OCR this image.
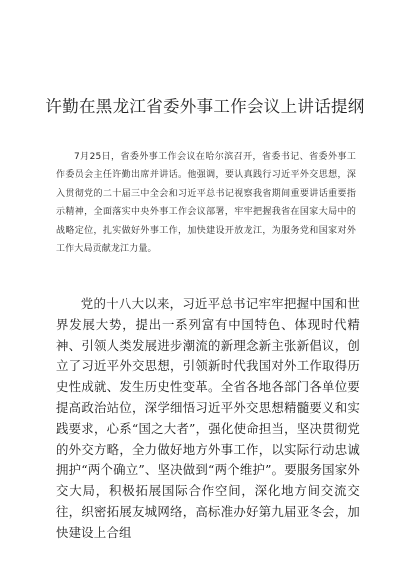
许勤在黑龙江省委外事工作会议上讲话提纲

7月25日，省委外事工作会议在哈尔滨召开，省委书记、省委外事工作委员会主任许勤出席并讲话。他强调，要认真践行习近平外交思想，深入贯彻党的二十届三中全会和习近平总书记视察我省期间重要讲话重要指示精神，全面落实中央外事工作会议部署，牢牢把握我省在国家大局中的战略定位，扎实做好外事工作，加快建设开放龙江，为服务党和国家对外工作大局贡献龙江力量。

党的十八大以来，习近平总书记牢牢把握中国和世界发展大势，提出一系列富有中国特色、体现时代精神、引领人类发展进步潮流的新理念新主张新倡议，创立了习近平外交思想，引领新时代我国对外工作取得历史性成就、发生历史性变革。全省各地各部门各单位要提高政治站位，深学细悟习近平外交思想精髓要义和实践要求，心系“国之大者”，强化使命担当，坚决贯彻党的外交方略，全力做好地方外事工作，以实际行动忠诚拥护“两个确立”、坚决做到“两个维护”。要服务国家外交大局，积极拓展国际合作空间，深化地方间交流交往，织密拓展友城网络，高标准办好第九届亚冬会，加快建设上合组
